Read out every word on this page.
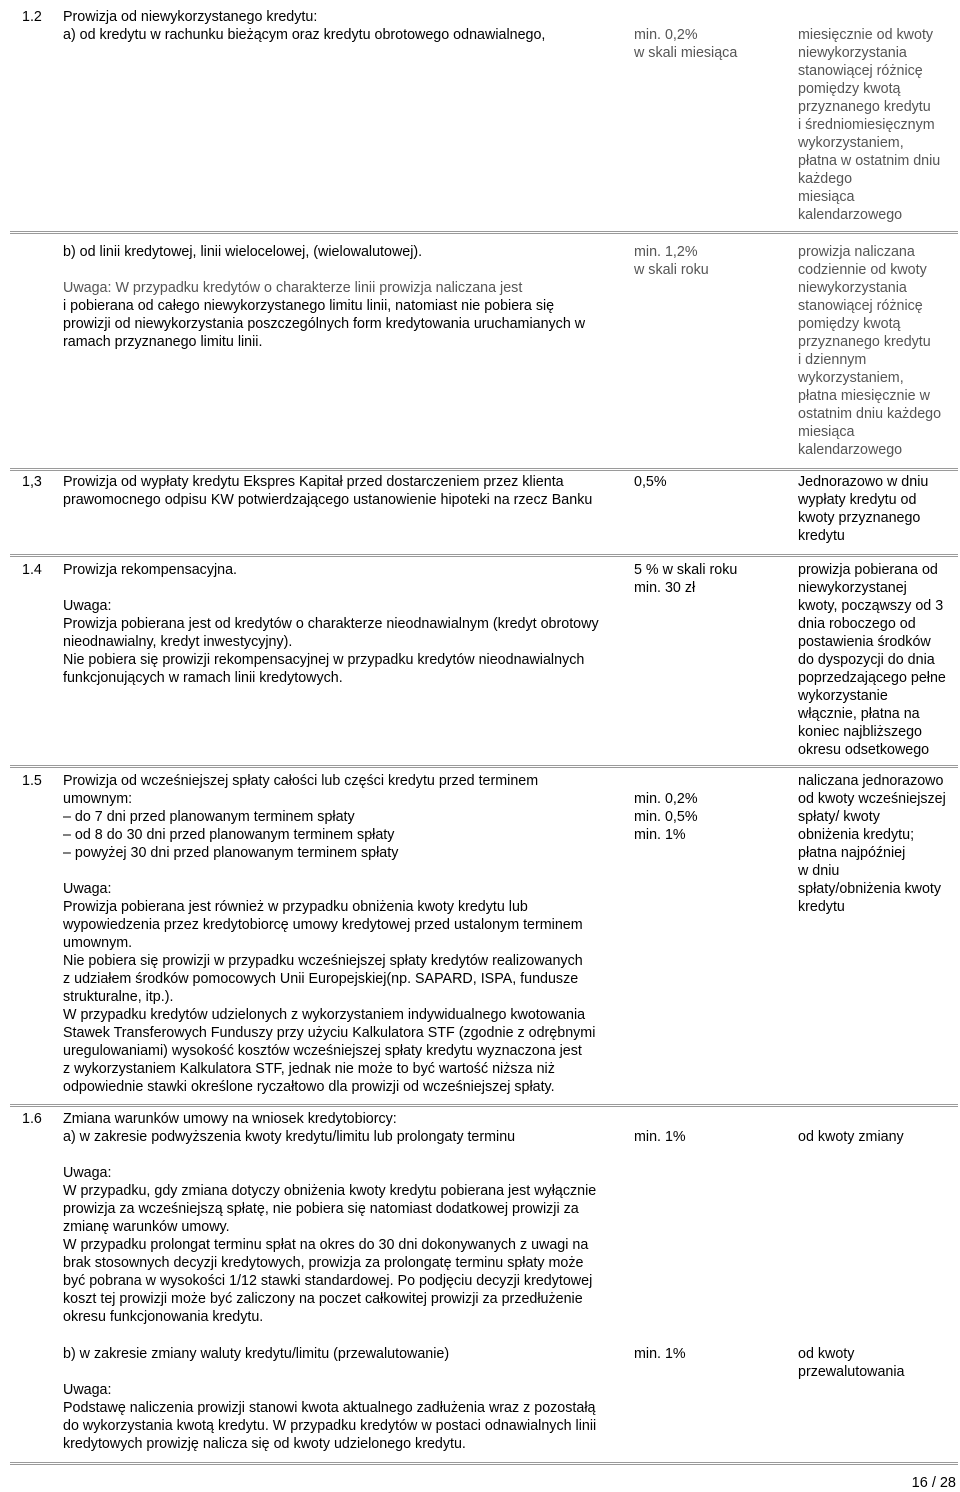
1.2 Prowizja od niewykorzystanego kredytu:
a) od kredytu w rachunku bieżącym oraz kredytu obrotowego odnawialnego,
b) od linii kredytowej, linii wielocelowej, (wielowalutowej).
Uwaga: W przypadku kredytów o charakterze linii prowizja naliczana jest
i pobierana od całego niewykorzystanego limitu linii, natomiast nie pobiera się
prowizji od niewykorzystania poszczególnych form kredytowania uruchamianych w
ramach przyznanego limitu linii.
min. 0,2%
w skali miesiąca
min. 1,2%
w skali roku
miesięcznie od kwoty
niewykorzystania
stanowiącej różnicę
pomiędzy kwotą
przyznanego kredytu
i średniomiesięcznym
wykorzystaniem,
płatna w ostatnim dniu
każdego
miesiąca
kalendarzowego
prowizja naliczana
codziennie od kwoty
niewykorzystania
stanowiącej różnicę
pomiędzy kwotą
przyznanego kredytu
i dziennym
wykorzystaniem,
płatna miesięcznie w
ostatnim dniu każdego
miesiąca
kalendarzowego
1,3 Prowizja od wypłaty kredytu Ekspres Kapitał przed dostarczeniem przez klienta
prawomocnego odpisu KW potwierdzającego ustanowienie hipoteki na rzecz Banku
0,5%	Jednorazowo w dniu
wypłaty kredytu od
kwoty przyznanego
kredytu
1.4 Prowizja rekompensacyjna.
Uwaga:
Prowizja pobierana jest od kredytów o charakterze nieodnawialnym (kredyt obrotowy
nieodnawialny, kredyt inwestycyjny).
Nie pobiera się prowizji rekompensacyjnej w przypadku kredytów nieodnawialnych
funkcjonujących w ramach linii kredytowych.
5 % w skali roku
min. 30 zł
prowizja pobierana od
niewykorzystanej
kwoty, począwszy od 3
dnia roboczego od
postawienia środków
do dyspozycji do dnia
poprzedzającego pełne
wykorzystanie
włącznie, płatna na
koniec najbliższego
okresu odsetkowego
1.5 Prowizja od wcześniejszej spłaty całości lub części kredytu przed terminem
umownym:
– do 7 dni przed planowanym terminem spłaty
– od 8 do 30 dni przed planowanym terminem spłaty
– powyżej 30 dni przed planowanym terminem spłaty
Uwaga:
Prowizja pobierana jest również w przypadku obniżenia kwoty kredytu lub
wypowiedzenia przez kredytobiorcę umowy kredytowej przed ustalonym terminem
umownym.
Nie pobiera się prowizji w przypadku wcześniejszej spłaty kredytów realizowanych
z udziałem środków pomocowych Unii Europejskiej(np. SAPARD, ISPA, fundusze
strukturalne, itp.).
W przypadku kredytów udzielonych z wykorzystaniem indywidualnego kwotowania
Stawek Transferowych Funduszy przy użyciu Kalkulatora STF (zgodnie z odrębnymi
uregulowaniami) wysokość kosztów wcześniejszej spłaty kredytu wyznaczona jest
z wykorzystaniem Kalkulatora STF, jednak nie może to być wartość niższa niż
odpowiednie stawki określone ryczałtowo dla prowizji od wcześniejszej spłaty.
min. 0,2%
min. 0,5%
min. 1%
naliczana jednorazowo
od kwoty wcześniejszej
spłaty/ kwoty
obniżenia kredytu;
płatna najpóźniej
w dniu
spłaty/obniżenia kwoty
kredytu
1.6 Zmiana warunków umowy na wniosek kredytobiorcy:
a) w zakresie podwyższenia kwoty kredytu/limitu lub prolongaty terminu
Uwaga:
W przypadku, gdy zmiana dotyczy obniżenia kwoty kredytu pobierana jest wyłącznie
prowizja za wcześniejszą spłatę, nie pobiera się natomiast dodatkowej prowizji za
zmianę warunków umowy.
W przypadku prolongat terminu spłat na okres do 30 dni dokonywanych z uwagi na
brak stosownych decyzji kredytowych, prowizja za prolongatę terminu spłaty może
być pobrana w wysokości 1/12 stawki standardowej. Po podjęciu decyzji kredytowej
koszt tej prowizji może być zaliczony na poczet całkowitej prowizji za przedłużenie
okresu funkcjonowania kredytu.
b) w zakresie zmiany waluty kredytu/limitu (przewalutowanie)
Uwaga:
Podstawę naliczenia prowizji stanowi kwota aktualnego zadłużenia wraz z pozostałą
do wykorzystania kwotą kredytu. W przypadku kredytów w postaci odnawialnych linii
kredytowych prowizję nalicza się od kwoty udzielonego kredytu.
min. 1%
min. 1%
od kwoty zmiany
od kwoty
przewalutowania
16 / 28
